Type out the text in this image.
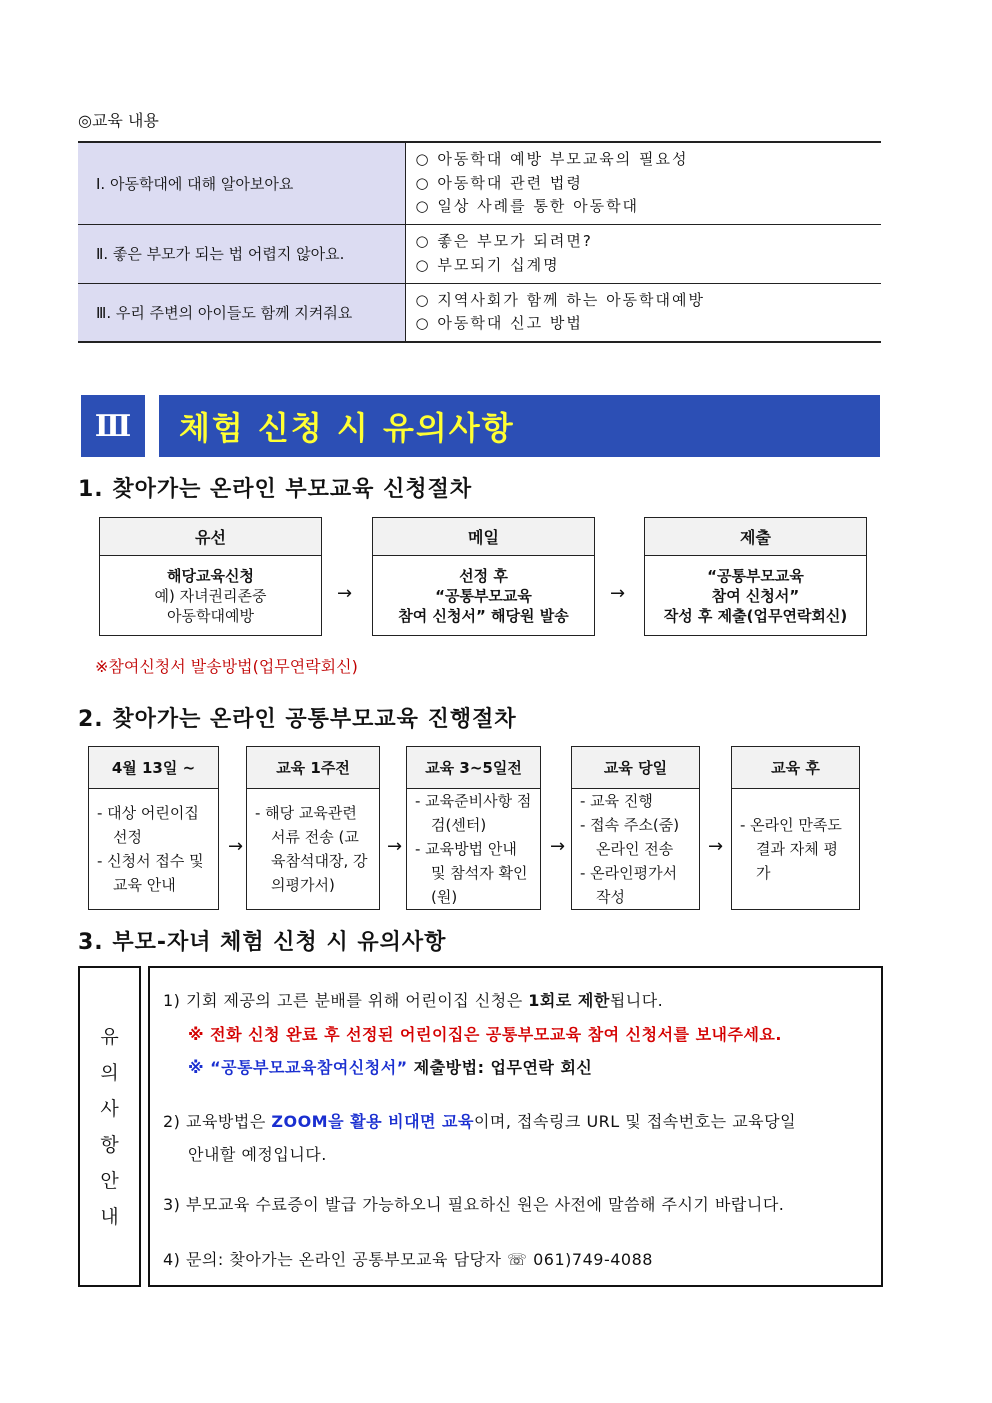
◎교육 내용
Ⅰ. 아동학대에 대해 알아보아요	○ 아동학대 예방 부모교육의 필요성
○ 아동학대 관련 법령
○ 일상 사례를 통한 아동학대

Ⅱ. 좋은 부모가 되는 법 어렵지 않아요.	○ 좋은 부모가 되려면?
○ 부모되기 십계명

Ⅲ. 우리 주변의 아이들도 함께 지켜줘요	○ 지역사회가 함께 하는 아동학대예방
○ 아동학대 신고 방법
Ⅲ	체험 신청 시 유의사항
1. 찾아가는 온라인 부모교육 신청절차
유선
해당교육신청
예) 자녀권리존중
아동학대예방
→
메일
선정 후
“공통부모교육
참여 신청서” 해당원 발송
→
제출
“공통부모교육
참여 신청서”
작성 후 제출(업무연락회신)
※참여신청서 발송방법(업무연락회신)
2. 찾아가는 온라인 공통부모교육 진행절차
4월 13일 ~
- 대상 어린이집 선정
- 신청서 접수 및 교육 안내
→
교육 1주전
- 해당 교육관련 서류 전송 (교육참석대장, 강의평가서)
→
교육 3~5일전
- 교육준비사항 점검(센터)
- 교육방법 안내 및 참석자 확인(원)
→
교육 당일
- 교육 진행
- 접속 주소(줌) 온라인 전송
- 온라인평가서 작성
→
교육 후
- 온라인 만족도 결과 자체 평가
3. 부모-자녀 체험 신청 시 유의사항
유
의
사
항
안
내
1) 기회 제공의 고른 분배를 위해 어린이집 신청은 1회로 제한됩니다.
※ 전화 신청 완료 후 선정된 어린이집은 공통부모교육 참여 신청서를 보내주세요.
※ “공통부모교육참여신청서” 제출방법: 업무연락 회신
2) 교육방법은 ZOOM을 활용 비대면 교육이며, 접속링크 URL 및 접속번호는 교육당일
안내할 예정입니다.
3) 부모교육 수료증이 발급 가능하오니 필요하신 원은 사전에 말씀해 주시기 바랍니다.
4) 문의: 찾아가는 온라인 공통부모교육 담당자 ☏ 061)749-4088
